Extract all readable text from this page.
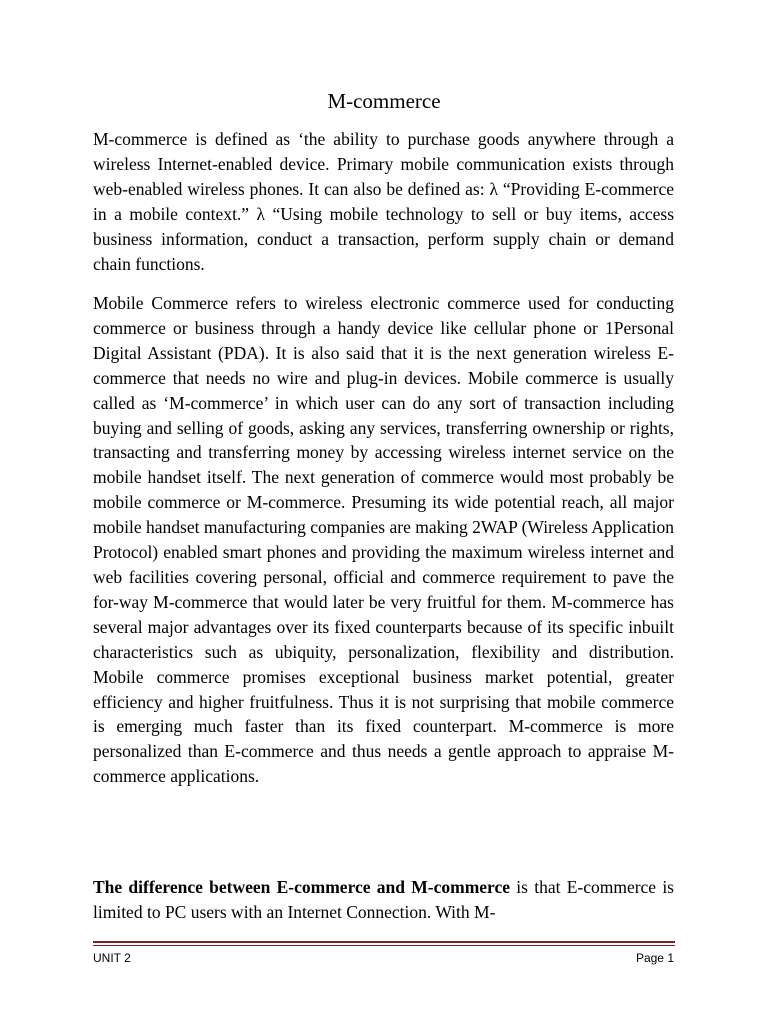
M-commerce

M-commerce is defined as ‘the ability to purchase goods anywhere through a wireless Internet-enabled device. Primary mobile communication exists through web-enabled wireless phones. It can also be defined as: λ “Providing E-commerce in a mobile context.” λ “Using mobile technology to sell or buy items, access business information, conduct a transaction, perform supply chain or demand chain functions.

Mobile Commerce refers to wireless electronic commerce used for conducting commerce or business through a handy device like cellular phone or 1Personal Digital Assistant (PDA). It is also said that it is the next generation wireless E-commerce that needs no wire and plug-in devices. Mobile commerce is usually called as ‘M-commerce’ in which user can do any sort of transaction including buying and selling of goods, asking any services, transferring ownership or rights, transacting and transferring money by accessing wireless internet service on the mobile handset itself. The next generation of commerce would most probably be mobile commerce or M-commerce. Presuming its wide potential reach, all major mobile handset manufacturing companies are making 2WAP (Wireless Application Protocol) enabled smart phones and providing the maximum wireless internet and web facilities covering personal, official and commerce requirement to pave the for-way M-commerce that would later be very fruitful for them. M-commerce has several major advantages over its fixed counterparts because of its specific inbuilt characteristics such as ubiquity, personalization, flexibility and distribution. Mobile commerce promises exceptional business market potential, greater efficiency and higher fruitfulness. Thus it is not surprising that mobile commerce is emerging much faster than its fixed counterpart. M-commerce is more personalized than E-commerce and thus needs a gentle approach to appraise M-commerce applications.

The difference between E-commerce and M-commerce is that E-commerce is limited to PC users with an Internet Connection. With M-

UNIT 2	Page 1
